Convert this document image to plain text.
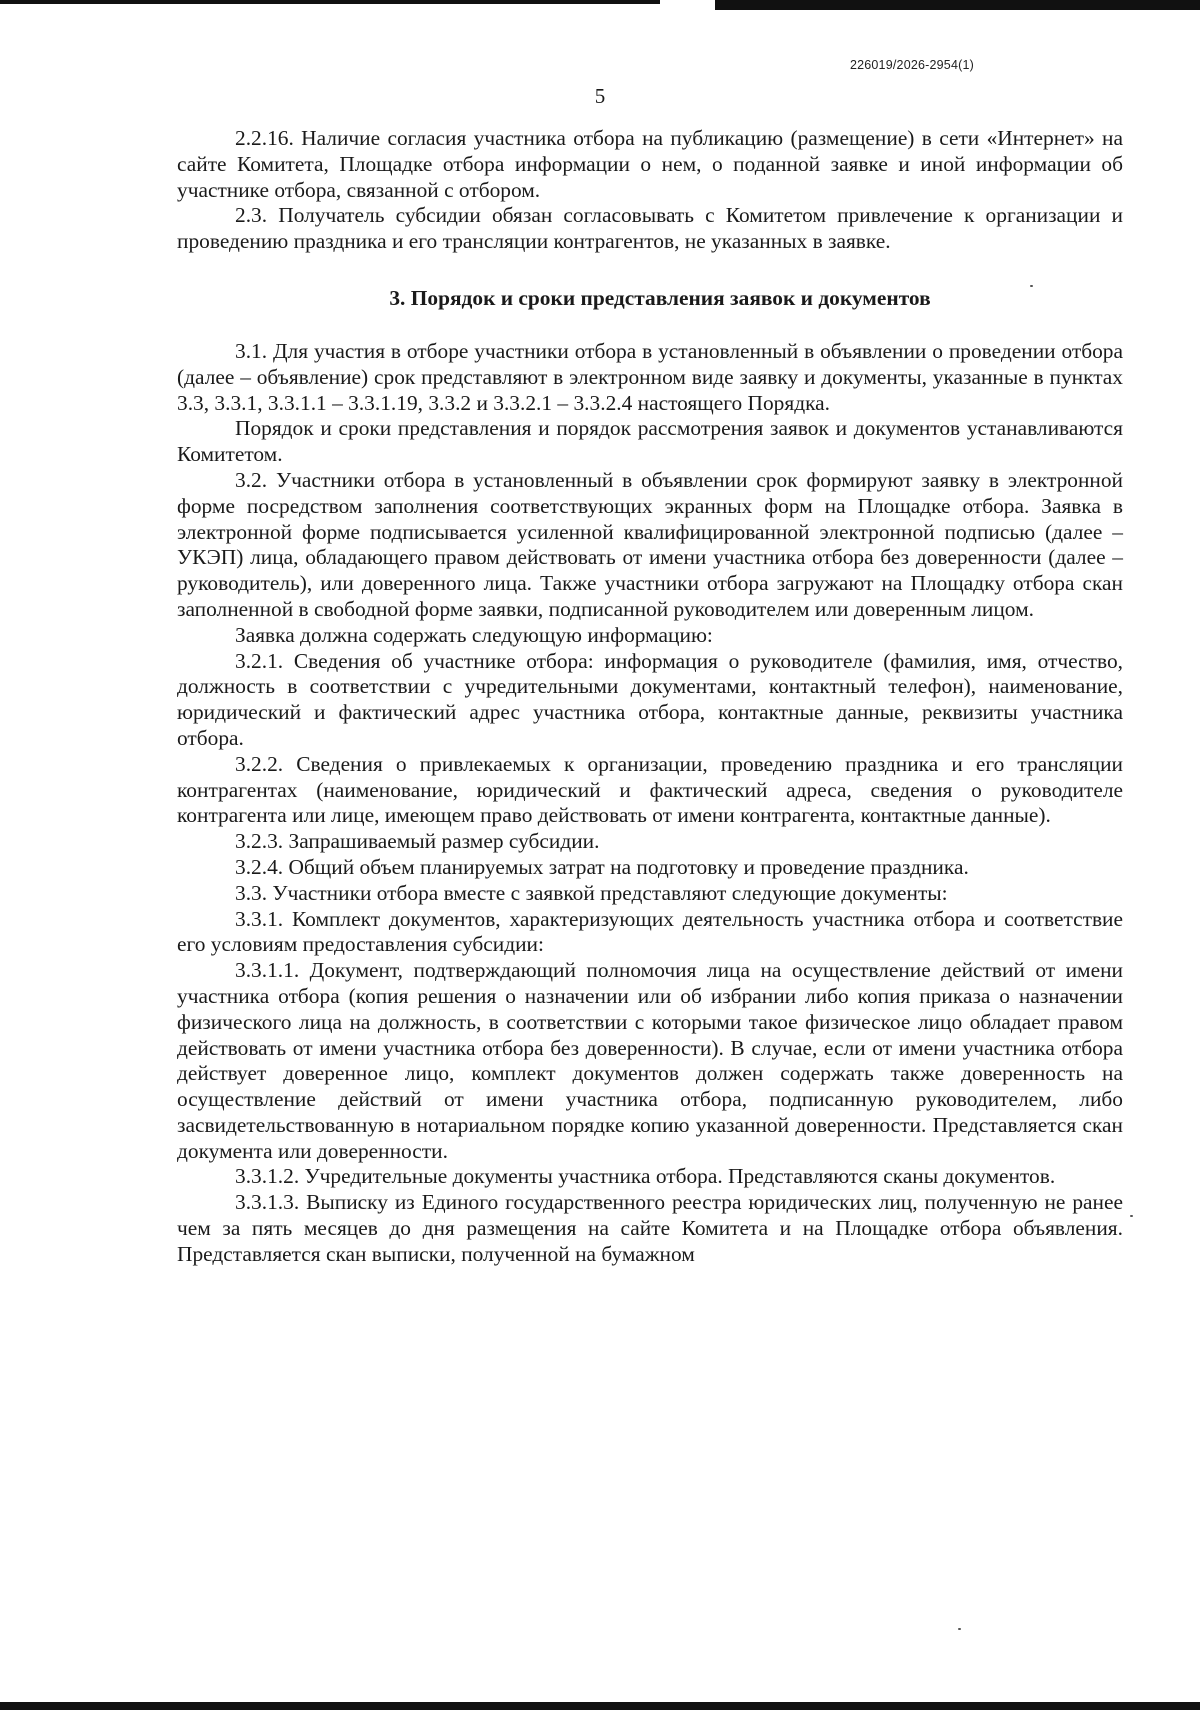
226019/2026-2954(1)
5

2.2.16. Наличие согласия участника отбора на публикацию (размещение) в сети «Интернет» на сайте Комитета, Площадке отбора информации о нем, о поданной заявке и иной информации об участнике отбора, связанной с отбором.

2.3. Получатель субсидии обязан согласовывать с Комитетом привлечение к организации и проведению праздника и его трансляции контрагентов, не указанных в заявке.

3. Порядок и сроки представления заявок и документов

3.1. Для участия в отборе участники отбора в установленный в объявлении о проведении отбора (далее – объявление) срок представляют в электронном виде заявку и документы, указанные в пунктах 3.3, 3.3.1, 3.3.1.1 – 3.3.1.19, 3.3.2 и 3.3.2.1 – 3.3.2.4 настоящего Порядка.

Порядок и сроки представления и порядок рассмотрения заявок и документов устанавливаются Комитетом.

3.2. Участники отбора в установленный в объявлении срок формируют заявку в электронной форме посредством заполнения соответствующих экранных форм на Площадке отбора. Заявка в электронной форме подписывается усиленной квалифицированной электронной подписью (далее – УКЭП) лица, обладающего правом действовать от имени участника отбора без доверенности (далее – руководитель), или доверенного лица. Также участники отбора загружают на Площадку отбора скан заполненной в свободной форме заявки, подписанной руководителем или доверенным лицом.

Заявка должна содержать следующую информацию:

3.2.1. Сведения об участнике отбора: информация о руководителе (фамилия, имя, отчество, должность в соответствии с учредительными документами, контактный телефон), наименование, юридический и фактический адрес участника отбора, контактные данные, реквизиты участника отбора.

3.2.2. Сведения о привлекаемых к организации, проведению праздника и его трансляции контрагентах (наименование, юридический и фактический адреса, сведения о руководителе контрагента или лице, имеющем право действовать от имени контрагента, контактные данные).

3.2.3. Запрашиваемый размер субсидии.

3.2.4. Общий объем планируемых затрат на подготовку и проведение праздника.

3.3. Участники отбора вместе с заявкой представляют следующие документы:

3.3.1. Комплект документов, характеризующих деятельность участника отбора и соответствие его условиям предоставления субсидии:

3.3.1.1. Документ, подтверждающий полномочия лица на осуществление действий от имени участника отбора (копия решения о назначении или об избрании либо копия приказа о назначении физического лица на должность, в соответствии с которыми такое физическое лицо обладает правом действовать от имени участника отбора без доверенности). В случае, если от имени участника отбора действует доверенное лицо, комплект документов должен содержать также доверенность на осуществление действий от имени участника отбора, подписанную руководителем, либо засвидетельствованную в нотариальном порядке копию указанной доверенности. Представляется скан документа или доверенности.

3.3.1.2. Учредительные документы участника отбора. Представляются сканы документов.

3.3.1.3. Выписку из Единого государственного реестра юридических лиц, полученную не ранее чем за пять месяцев до дня размещения на сайте Комитета и на Площадке отбора объявления. Представляется скан выписки, полученной на бумажном
